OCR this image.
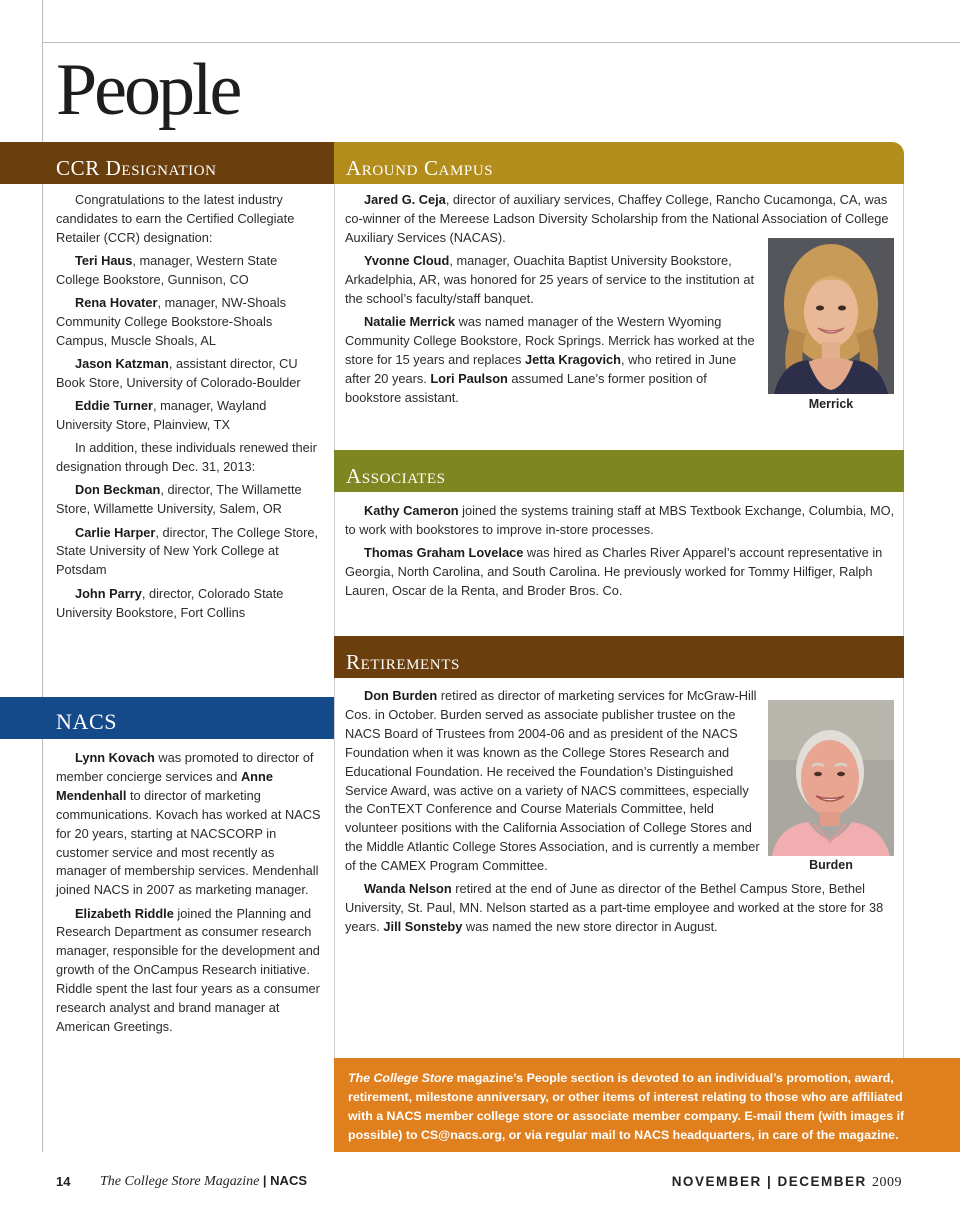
People
CCR Designation

Congratulations to the latest industry candidates to earn the Certified Collegiate Retailer (CCR) designation:

Teri Haus, manager, Western State College Bookstore, Gunnison, CO

Rena Hovater, manager, NW-Shoals Community College Bookstore-Shoals Campus, Muscle Shoals, AL

Jason Katzman, assistant director, CU Book Store, University of Colorado-Boulder

Eddie Turner, manager, Wayland University Store, Plainview, TX

In addition, these individuals renewed their designation through Dec. 31, 2013:

Don Beckman, director, The Willamette Store, Willamette University, Salem, OR

Carlie Harper, director, The College Store, State University of New York College at Potsdam

John Parry, director, Colorado State University Bookstore, Fort Collins

NACS

Lynn Kovach was promoted to director of member concierge services and Anne Mendenhall to director of marketing communications. Kovach has worked at NACS for 20 years, starting at NACSCORP in customer service and most recently as manager of membership services. Mendenhall joined NACS in 2007 as marketing manager.

Elizabeth Riddle joined the Planning and Research Department as consumer research manager, responsible for the development and growth of the OnCampus Research initiative. Riddle spent the last four years as a consumer research analyst and brand manager at American Greetings.

Around Campus

Jared G. Ceja, director of auxiliary services, Chaffey College, Rancho Cucamonga, CA, was co-winner of the Mereese Ladson Diversity Scholarship from the National Association of College Auxiliary Services (NACAS).

Yvonne Cloud, manager, Ouachita Baptist University Bookstore, Arkadelphia, AR, was honored for 25 years of service to the institution at the school’s faculty/staff banquet.

Natalie Merrick was named manager of the Western Wyoming Community College Bookstore, Rock Springs. Merrick has worked at the store for 15 years and replaces Jetta Kragovich, who retired in June after 20 years. Lori Paulson assumed Lane’s former position of bookstore assistant.	Merrick
Associates

Kathy Cameron joined the systems training staff at MBS Textbook Exchange, Columbia, MO, to work with bookstores to improve in-store processes.

Thomas Graham Lovelace was hired as Charles River Apparel’s account representative in Georgia, North Carolina, and South Carolina. He previously worked for Tommy Hilfiger, Ralph Lauren, Oscar de la Renta, and Broder Bros. Co.

Retirements

Don Burden retired as director of marketing services for McGraw-Hill Cos. in October. Burden served as associate publisher trustee on the NACS Board of Trustees from 2004-06 and as president of the NACS Foundation when it was known as the College Stores Research and Educational Foundation. He received the Foundation’s Distinguished Service Award, was active on a variety of NACS committees, especially the ConTEXT Conference and Course Materials Committee, held volunteer positions with the California Association of College Stores and the Middle Atlantic College Stores Association, and is currently a member of the CAMEX Program Committee.

Wanda Nelson retired at the end of June as director of the Bethel Campus Store, Bethel University, St. Paul, MN. Nelson started as a part-time employee and worked at the store for 38 years. Jill Sonsteby was named the new store director in August.

Burden
The College Store magazine’s People section is devoted to an individual’s promotion, award, retirement, milestone anniversary, or other items of interest relating to those who are affiliated with a NACS member college store or associate member company. E-mail them (with images if possible) to CS@nacs.org, or via regular mail to NACS headquarters, in care of the magazine.
14 The College Store Magazine | NACS	NOVEMBER | DECEMBER 2009
